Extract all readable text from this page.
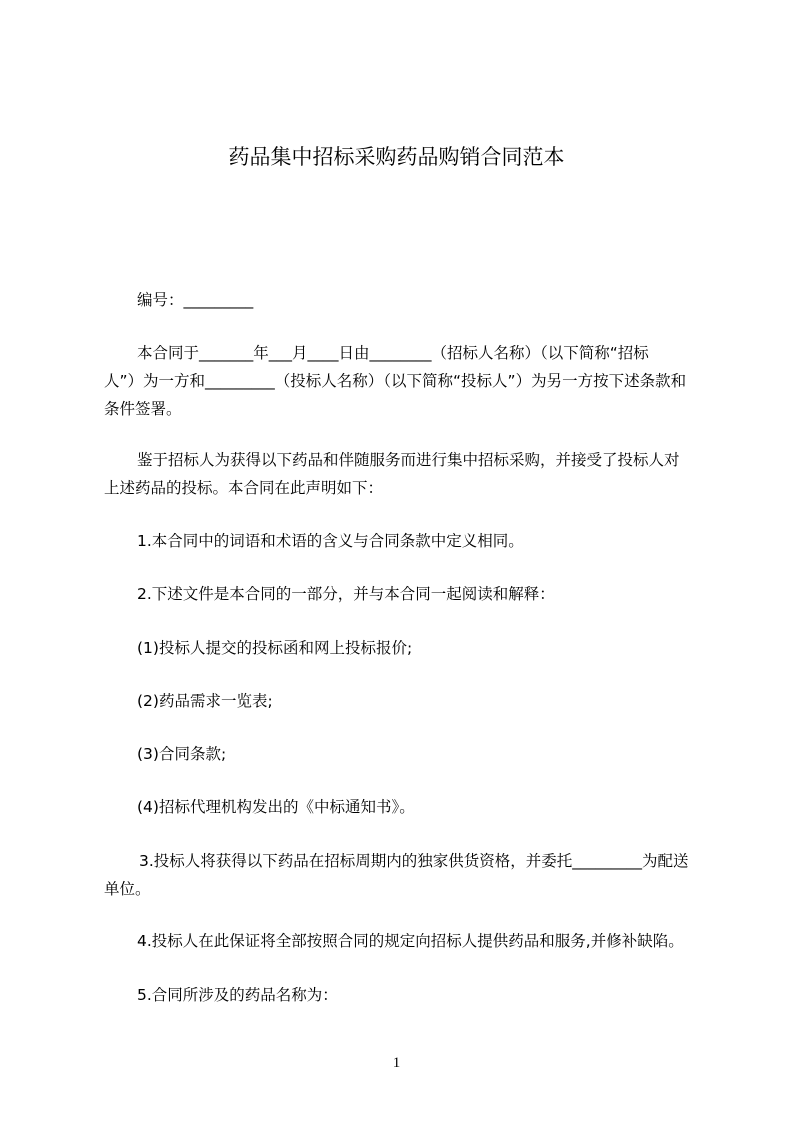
药品集中招标采购药品购销合同范本
编号：_________
本合同于_______年___月____日由________（招标人名称）（以下简称“招标
人”）为一方和_________（投标人名称）（以下简称“投标人”）为另一方按下述条款和
条件签署。
鉴于招标人为获得以下药品和伴随服务而进行集中招标采购，并接受了投标人对
上述药品的投标。本合同在此声明如下：
1.本合同中的词语和术语的含义与合同条款中定义相同。
2.下述文件是本合同的一部分，并与本合同一起阅读和解释：
(1)投标人提交的投标函和网上投标报价;
(2)药品需求一览表;
(3)合同条款;
(4)招标代理机构发出的《中标通知书》。
3.投标人将获得以下药品在招标周期内的独家供货资格，并委托_________为配送
单位。
4.投标人在此保证将全部按照合同的规定向招标人提供药品和服务,并修补缺陷。
5.合同所涉及的药品名称为：
1
